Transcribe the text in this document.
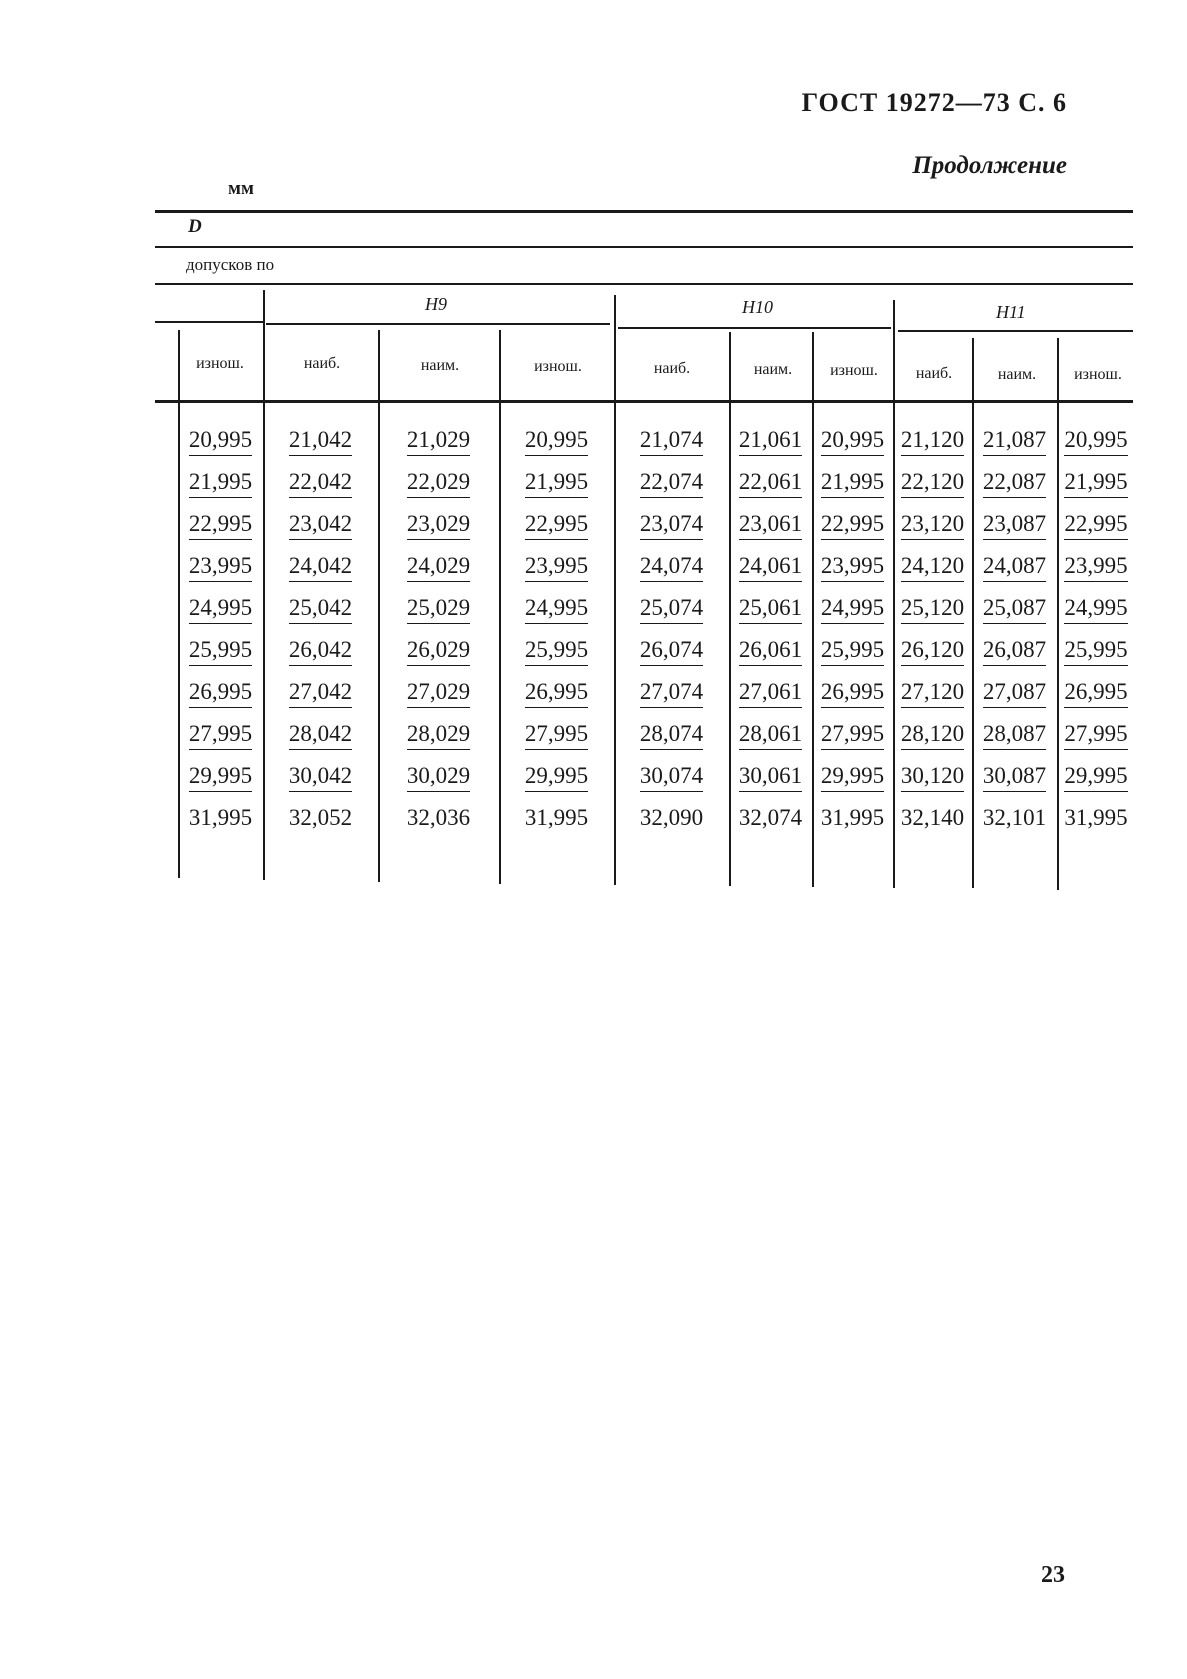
ГОСТ 19272—73 С. 6
Продолжение
мм
D
допусков по
H9	H10	H11
изнош.	наиб.	наим.	изнош.	наиб.	наим.	изнош.	наиб.	наим.	изнош.
20,995	21,042	21,029	20,995	21,074	21,061	20,995	21,120	21,087	20,995
21,995	22,042	22,029	21,995	22,074	22,061	21,995	22,120	22,087	21,995
22,995	23,042	23,029	22,995	23,074	23,061	22,995	23,120	23,087	22,995
23,995	24,042	24,029	23,995	24,074	24,061	23,995	24,120	24,087	23,995
24,995	25,042	25,029	24,995	25,074	25,061	24,995	25,120	25,087	24,995
25,995	26,042	26,029	25,995	26,074	26,061	25,995	26,120	26,087	25,995
26,995	27,042	27,029	26,995	27,074	27,061	26,995	27,120	27,087	26,995
27,995	28,042	28,029	27,995	28,074	28,061	27,995	28,120	28,087	27,995
29,995	30,042	30,029	29,995	30,074	30,061	29,995	30,120	30,087	29,995
31,995	32,052	32,036	31,995	32,090	32,074	31,995	32,140	32,101	31,995
23
